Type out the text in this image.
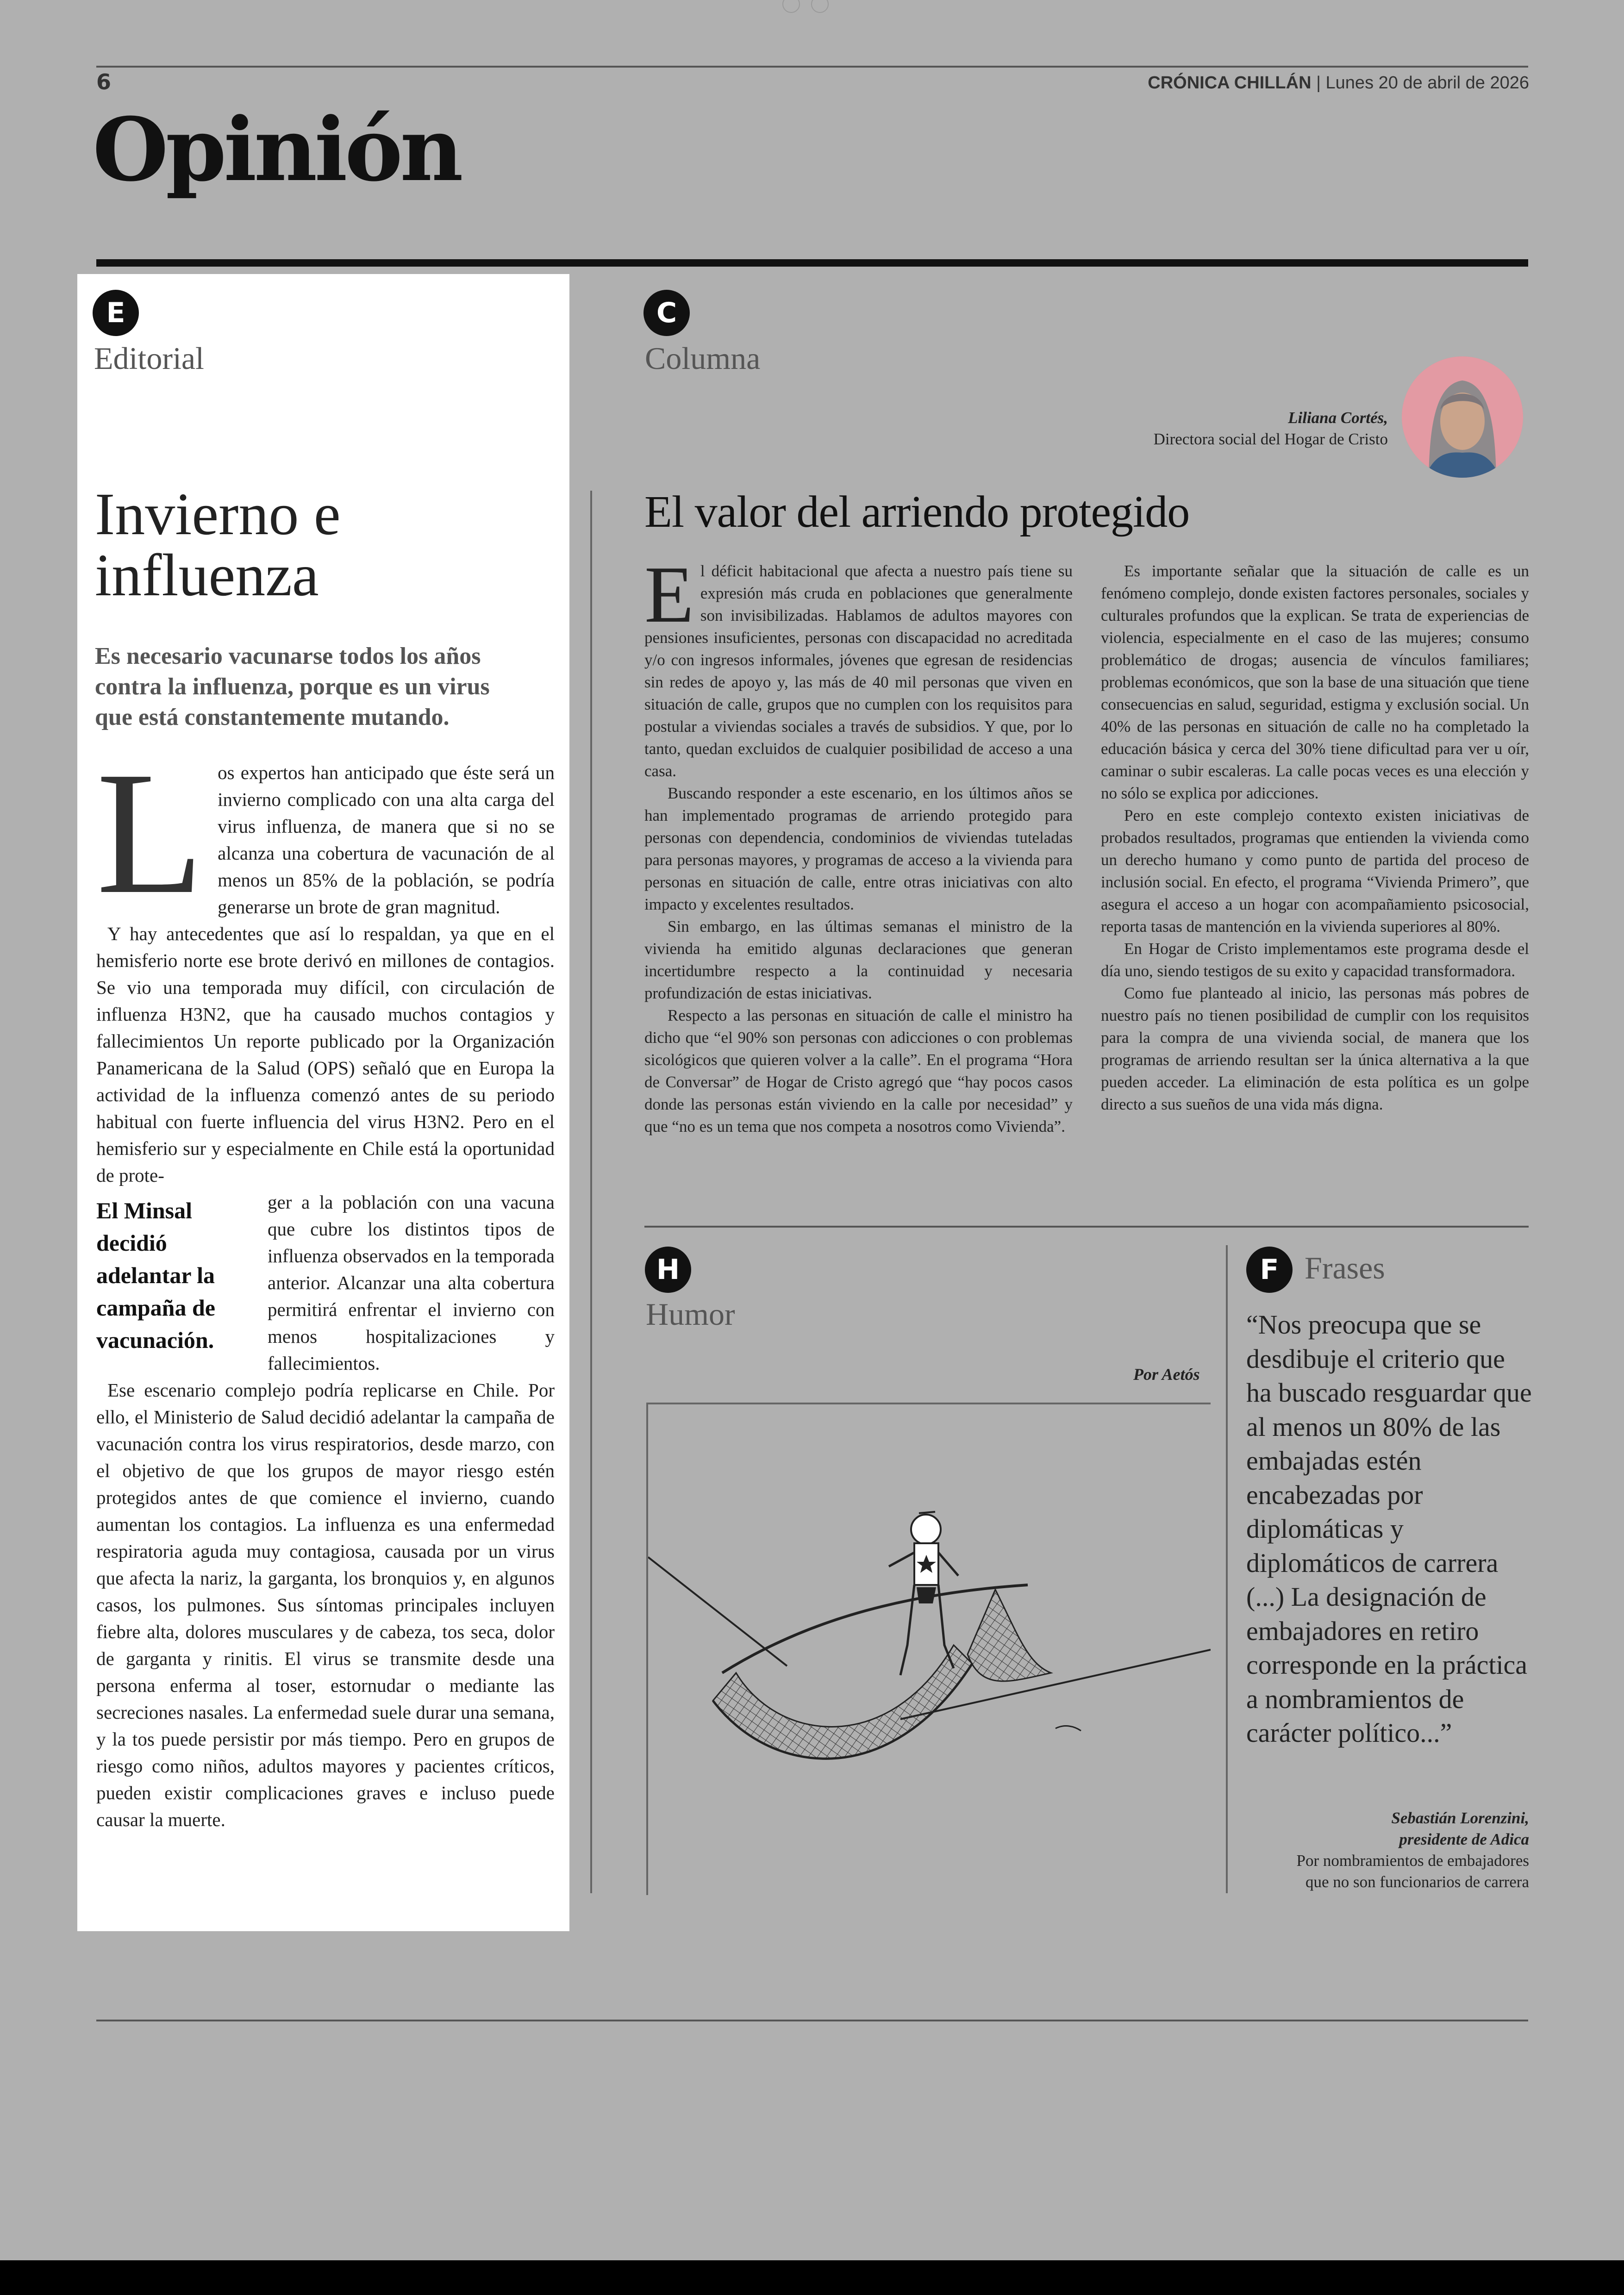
6	CRÓNICA CHILLÁN | Lunes 20 de abril de 2026
Opinión
E
Editorial
Invierno e influenza
Es necesario vacunarse todos los años contra la influenza, porque es un virus que está constantemente mutando.
L os expertos han anticipado que éste será un invierno complicado con una alta carga del virus influenza, de manera que si no se alcanza una cobertura de vacunación de al menos un 85% de la población, se podría generarse un brote de gran magnitud.

Y hay antecedentes que así lo respaldan, ya que en el hemisferio norte ese brote derivó en millones de contagios. Se vio una temporada muy difícil, con circulación de influenza H3N2, que ha causado muchos contagios y fallecimientos Un reporte publicado por la Organización Panamericana de la Salud (OPS) señaló que en Europa la actividad de la influenza comenzó antes de su periodo habitual con fuerte influencia del virus H3N2. Pero en el hemisferio sur y especialmente en Chile está la oportunidad de prote-

El Minsal decidió adelantar la campaña de vacunación.

ger a la población con una vacuna que cubre los distintos tipos de influenza observados en la temporada anterior. Alcanzar una alta cobertura permitirá enfrentar el invierno con menos hospitalizaciones y fallecimientos.

Ese escenario complejo podría replicarse en Chile. Por ello, el Ministerio de Salud decidió adelantar la campaña de vacunación contra los virus respiratorios, desde marzo, con el objetivo de que los grupos de mayor riesgo estén protegidos antes de que comience el invierno, cuando aumentan los contagios. La influenza es una enfermedad respiratoria aguda muy contagiosa, causada por un virus que afecta la nariz, la garganta, los bronquios y, en algunos casos, los pulmones. Sus síntomas principales incluyen fiebre alta, dolores musculares y de cabeza, tos seca, dolor de garganta y rinitis. El virus se transmite desde una persona enferma al toser, estornudar o mediante las secreciones nasales. La enfermedad suele durar una semana, y la tos puede persistir por más tiempo. Pero en grupos de riesgo como niños, adultos mayores y pacientes críticos, pueden existir complicaciones graves e incluso puede causar la muerte.

C
Columna
Liliana Cortés,
Directora social del Hogar de Cristo
El valor del arriendo protegido
E l déficit habitacional que afecta a nuestro país tiene su expresión más cruda en poblaciones que generalmente son invisibilizadas. Hablamos de adultos mayores con pensiones insuficientes, personas con discapacidad no acreditada y/o con ingresos informales, jóvenes que egresan de residencias sin redes de apoyo y, las más de 40 mil personas que viven en situación de calle, grupos que no cumplen con los requisitos para postular a viviendas sociales a través de subsidios. Y que, por lo tanto, quedan excluidos de cualquier posibilidad de acceso a una casa.

Buscando responder a este escenario, en los últimos años se han implementado programas de arriendo protegido para personas con dependencia, condominios de viviendas tuteladas para personas mayores, y programas de acceso a la vivienda para personas en situación de calle, entre otras iniciativas con alto impacto y excelentes resultados.

Sin embargo, en las últimas semanas el ministro de la vivienda ha emitido algunas declaraciones que generan incertidumbre respecto a la continuidad y necesaria profundización de estas iniciativas.

Respecto a las personas en situación de calle el ministro ha dicho que “el 90% son personas con adicciones o con problemas sicológicos que quieren volver a la calle”. En el programa “Hora de Conversar” de Hogar de Cristo agregó que “hay pocos casos donde las personas están viviendo en la calle por necesidad” y que “no es un tema que nos competa a nosotros como Vivienda”.

Es importante señalar que la situación de calle es un fenómeno complejo, donde existen factores personales, sociales y culturales profundos que la explican. Se trata de experiencias de violencia, especialmente en el caso de las mujeres; consumo problemático de drogas; ausencia de vínculos familiares; problemas económicos, que son la base de una situación que tiene consecuencias en salud, seguridad, estigma y exclusión social. Un 40% de las personas en situación de calle no ha completado la educación básica y cerca del 30% tiene dificultad para ver u oír, caminar o subir escaleras. La calle pocas veces es una elección y no sólo se explica por adicciones.

Pero en este complejo contexto existen iniciativas de probados resultados, programas que entienden la vivienda como un derecho humano y como punto de partida del proceso de inclusión social. En efecto, el programa “Vivienda Primero”, que asegura el acceso a un hogar con acompañamiento psicosocial, reporta tasas de mantención en la vivienda superiores al 80%.

En Hogar de Cristo implementamos este programa desde el día uno, siendo testigos de su exito y capacidad transformadora.

Como fue planteado al inicio, las personas más pobres de nuestro país no tienen posibilidad de cumplir con los requisitos para la compra de una vivienda social, de manera que los programas de arriendo resultan ser la única alternativa a la que pueden acceder. La eliminación de esta política es un golpe directo a sus sueños de una vida más digna.

H
Humor
Por Aetós
F Frases
“Nos preocupa que se desdibuje el criterio que ha buscado resguardar que al menos un 80% de las embajadas estén encabezadas por diplomáticas y diplomáticos de carrera (...) La designación de embajadores en retiro corresponde en la práctica a nombramientos de carácter político...”
Sebastián Lorenzini,
presidente de Adica
Por nombramientos de embajadores
que no son funcionarios de carrera
